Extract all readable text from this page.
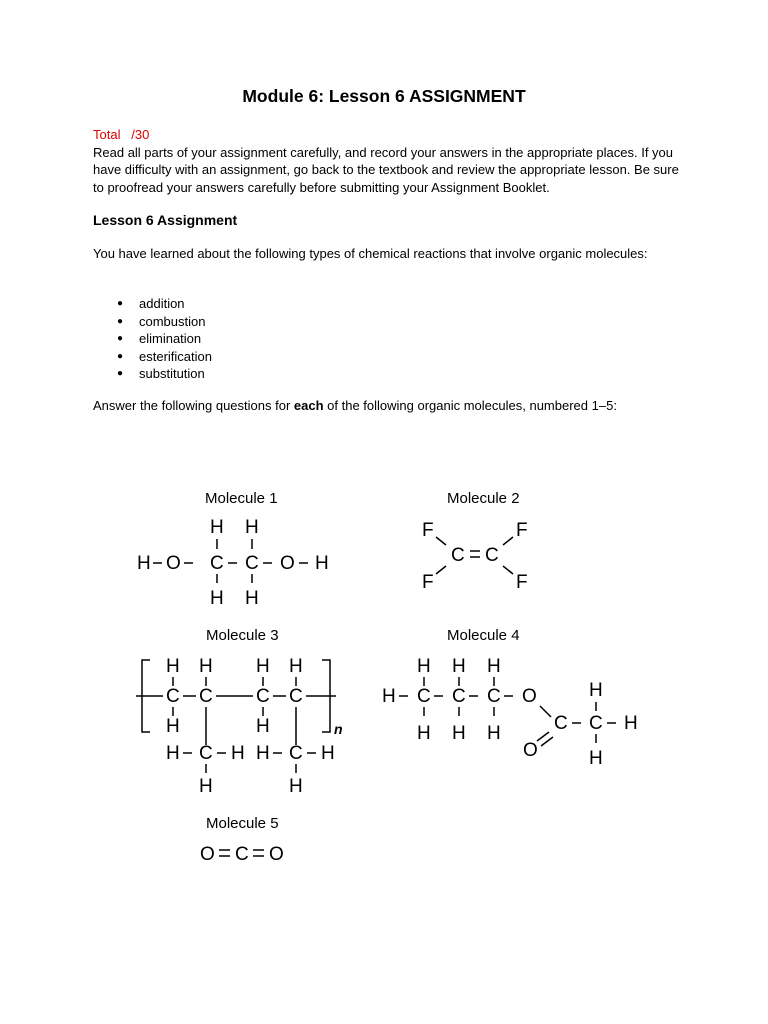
Module 6: Lesson 6 ASSIGNMENT
Total   /30

Read all parts of your assignment carefully, and record your answers in the appropriate places. If you have difficulty with an assignment, go back to the textbook and review the appropriate lesson. Be sure to proofread your answers carefully before submitting your Assignment Booklet.

Lesson 6 Assignment

You have learned about the following types of chemical reactions that involve organic molecules:

● addition
● combustion
● elimination
● esterification
● substitution

Answer the following questions for each of the following organic molecules, numbered 1–5:

Molecule 1	Molecule 2
Molecule 3	Molecule 4
Molecule 5
H H
H O C C O H
H H
F	F
C C
F	F
n
H H H H
C C C C
H	H
H C H H C H
H	H
H H H
H C C C O
H H H	C C H
H
H
O
O C O
